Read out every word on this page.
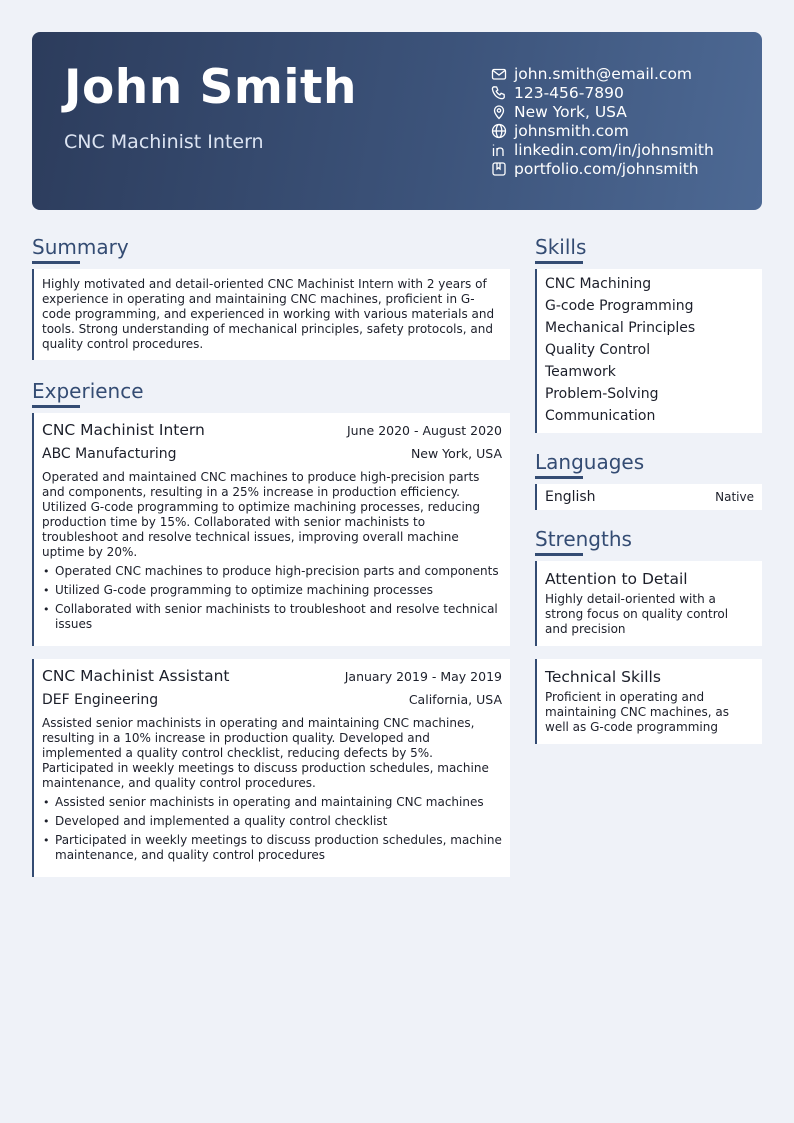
John Smith
CNC Machinist Intern
john.smith@email.com
123-456-7890
New York, USA
johnsmith.com
linkedin.com/in/johnsmith
portfolio.com/johnsmith
Summary

Highly motivated and detail-oriented CNC Machinist Intern with 2 years of experience in operating and maintaining CNC machines, proficient in G-code programming, and experienced in working with various materials and tools. Strong understanding of mechanical principles, safety protocols, and quality control procedures.

Experience
CNC Machinist Intern	June 2020 - August 2020
ABC Manufacturing	New York, USA

Operated and maintained CNC machines to produce high-precision parts and components, resulting in a 25% increase in production efficiency. Utilized G-code programming to optimize machining processes, reducing production time by 15%. Collaborated with senior machinists to troubleshoot and resolve technical issues, improving overall machine uptime by 20%.

• Operated CNC machines to produce high-precision parts and components
• Utilized G-code programming to optimize machining processes
• Collaborated with senior machinists to troubleshoot and resolve technical issues
CNC Machinist Assistant	January 2019 - May 2019
DEF Engineering	California, USA

Assisted senior machinists in operating and maintaining CNC machines, resulting in a 10% increase in production quality. Developed and implemented a quality control checklist, reducing defects by 5%. Participated in weekly meetings to discuss production schedules, machine maintenance, and quality control procedures.

• Assisted senior machinists in operating and maintaining CNC machines
• Developed and implemented a quality control checklist
• Participated in weekly meetings to discuss production schedules, machine maintenance, and quality control procedures
Skills
CNC Machining
G-code Programming
Mechanical Principles
Quality Control
Teamwork
Problem-Solving
Communication
Languages
English	Native
Strengths
Attention to Detail

Highly detail-oriented with a strong focus on quality control and precision

Technical Skills

Proficient in operating and maintaining CNC machines, as well as G-code programming
